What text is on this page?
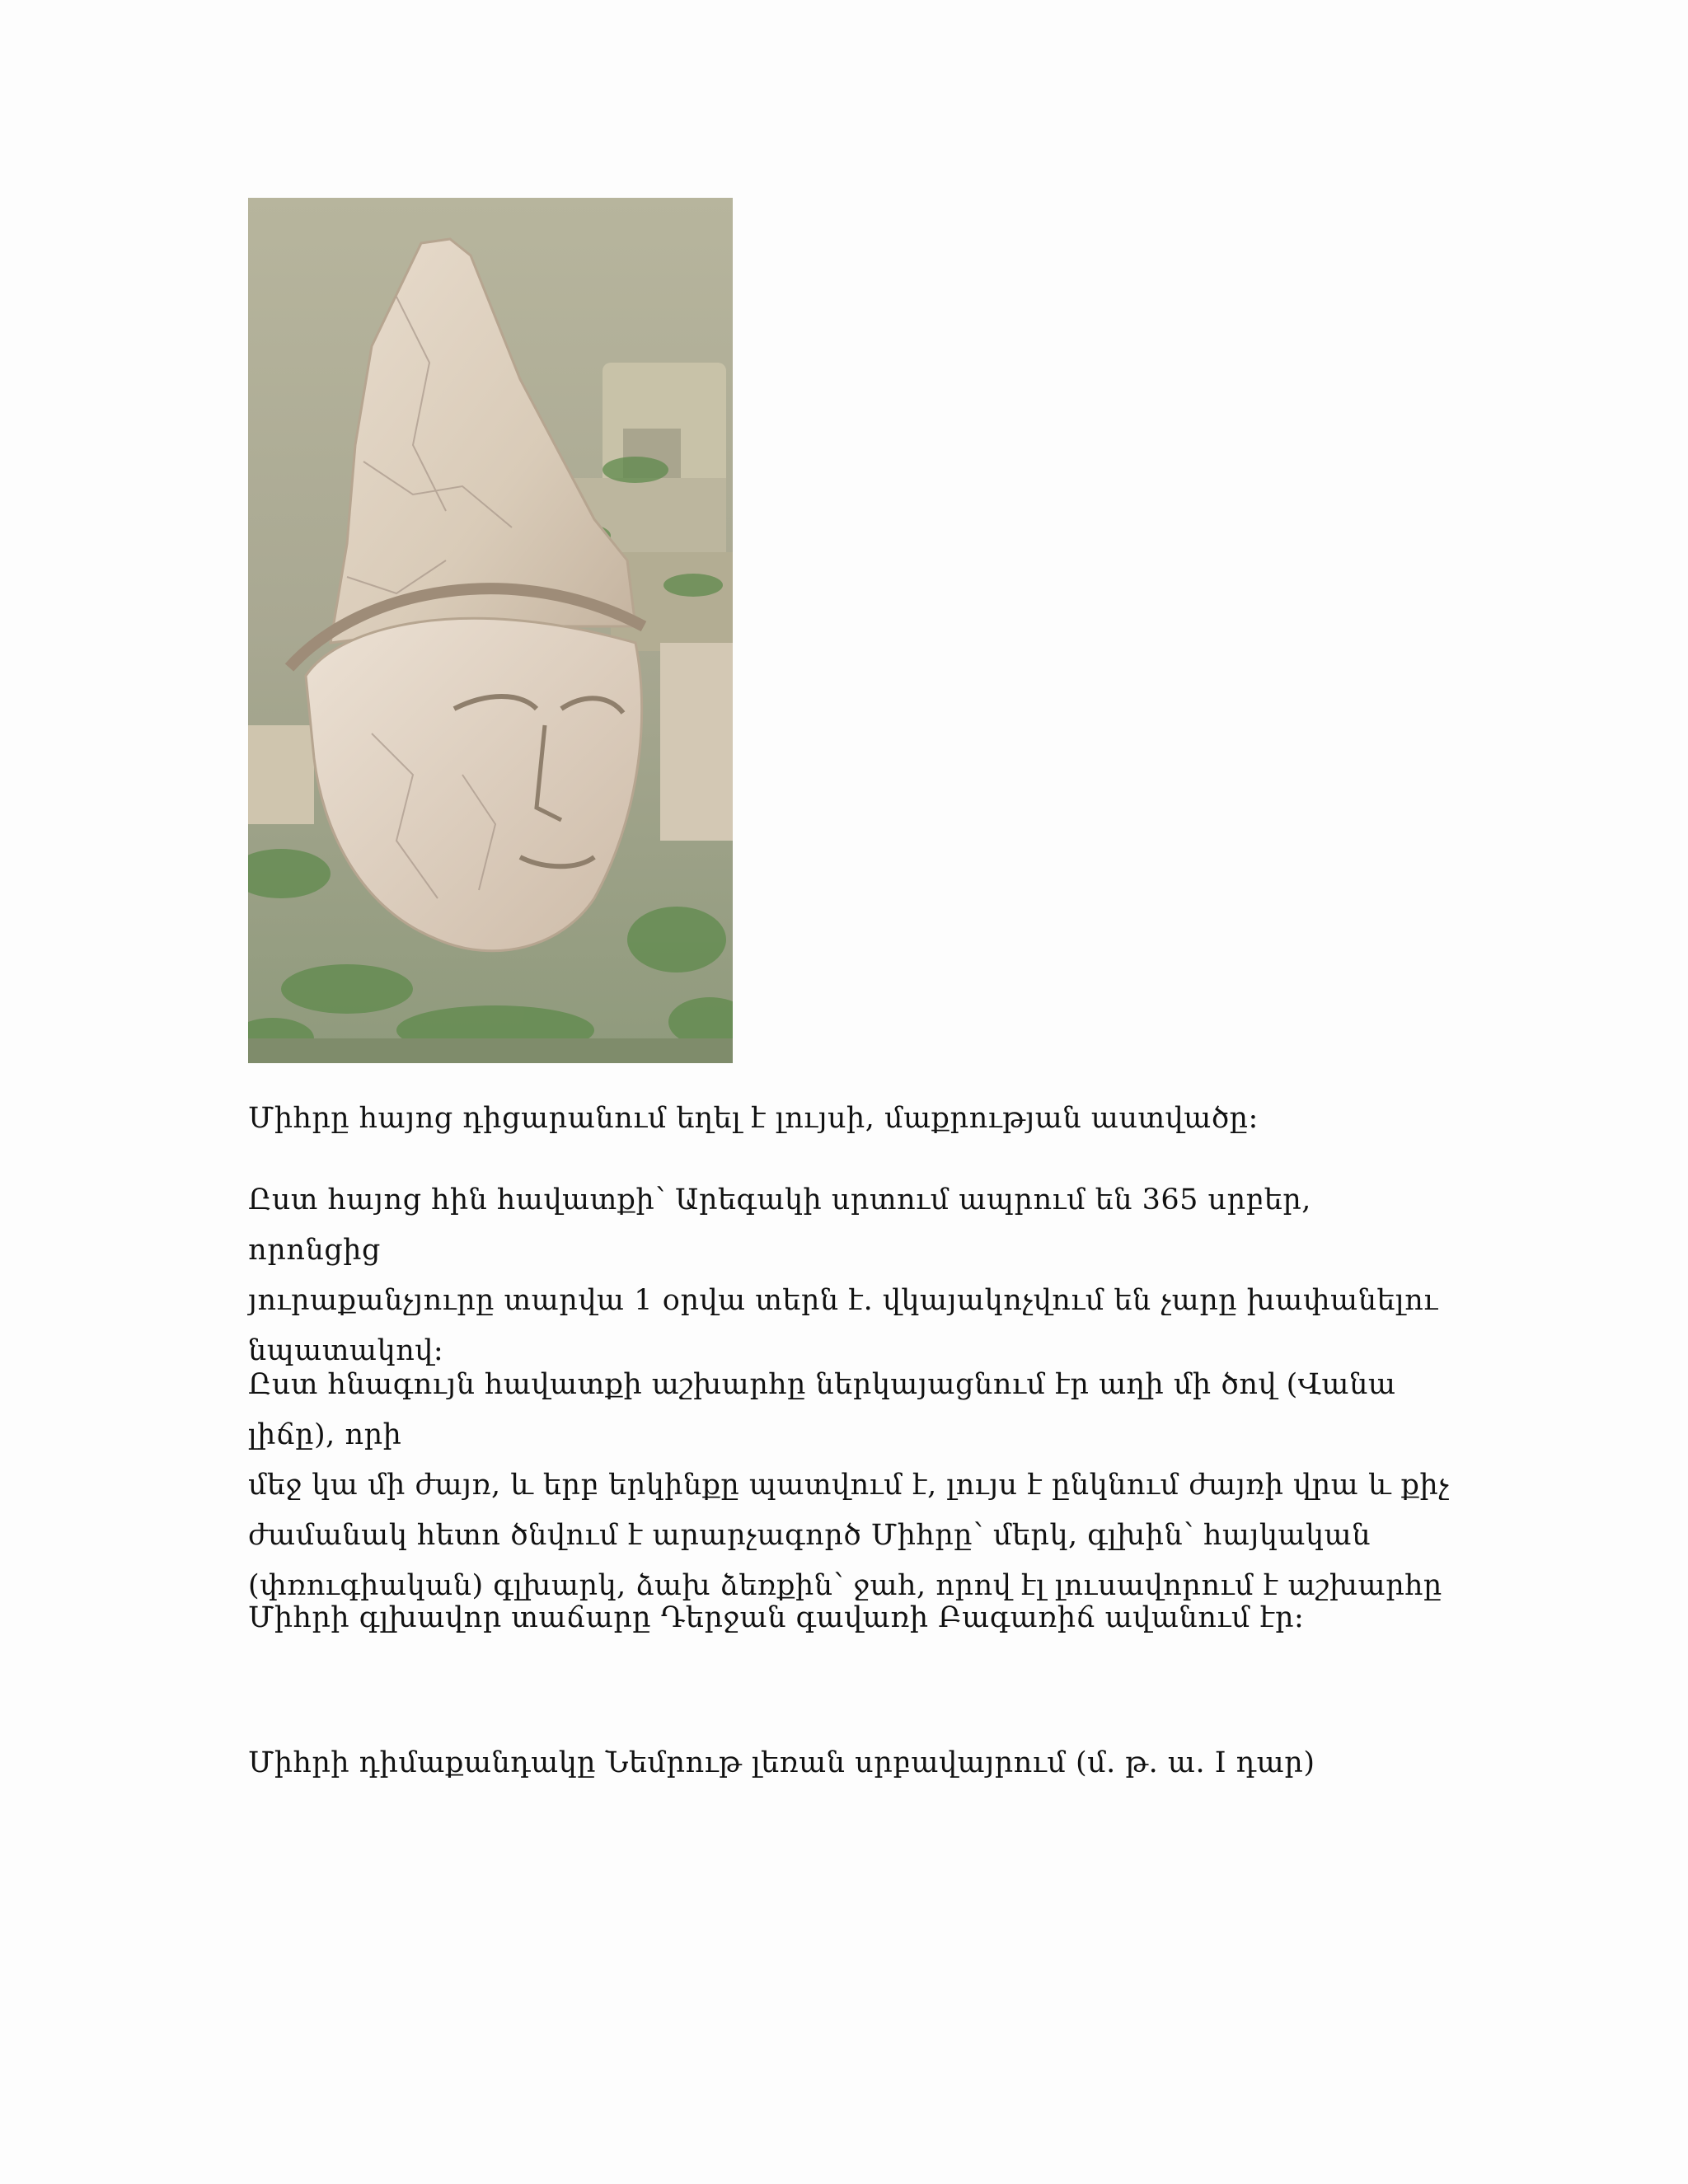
Միհրը հայոց դիցարանում եղել է լույսի, մաքրության աստվածը։

Ըստ հայոց հին հավատքի՝ Արեգակի սրտում ապրում են 365 սրբեր, որոնցից
յուրաքանչյուրը տարվա 1 օրվա տերն է. վկայակոչվում են չարը խափանելու
նպատակով։

Ըստ հնագույն հավատքի աշխարհը ներկայացնում էր աղի մի ծով (Վանա լիճը), որի
մեջ կա մի ժայռ, և երբ երկինքը պատվում է, լույս է ընկնում ժայռի վրա և քիչ
ժամանակ հետո ծնվում է արարչագործ Միհրը՝ մերկ, գլխին՝ հայկական
(փռուգիական) գլխարկ, ձախ ձեռքին՝ ջահ, որով էլ լուսավորում է աշխարհը

Միհրի գլխավոր տաճարը Դերջան գավառի Բագառիճ ավանում էր։

Միհրի դիմաքանդակը Նեմրութ լեռան սրբավայրում (մ. թ. ա. I դար)
